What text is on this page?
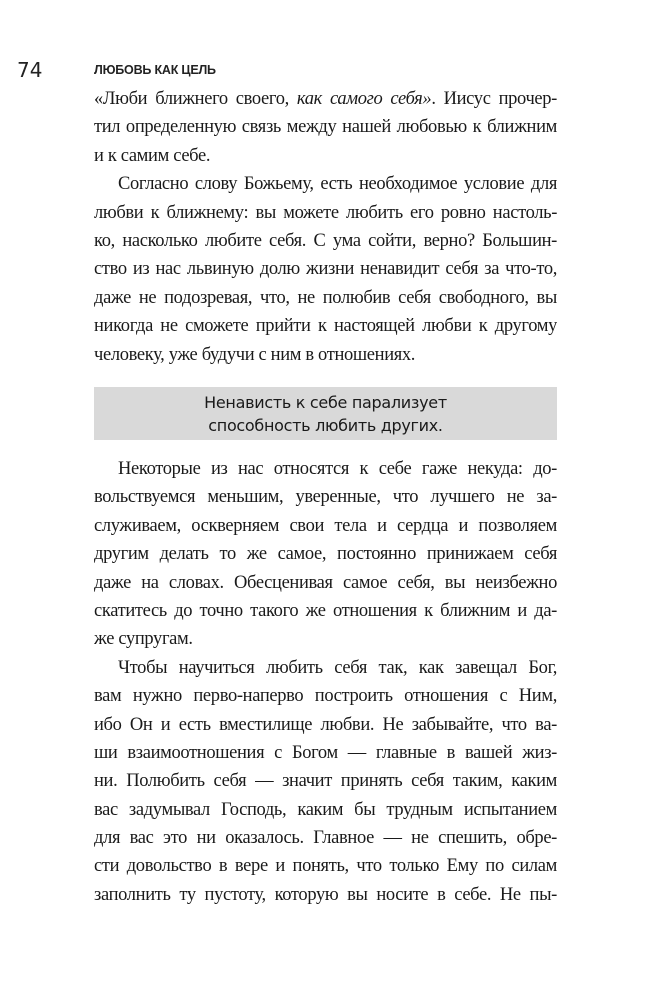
74	ЛЮБОВЬ КАК ЦЕЛЬ
«Люби ближнего своего, как самого себя». Иисус прочер-
тил определенную связь между нашей любовью к ближним
и к самим себе.
Согласно слову Божьему, есть необходимое условие для
любви к ближнему: вы можете любить его ровно настоль-
ко, насколько любите себя. С ума сойти, верно? Большин-
ство из нас львиную долю жизни ненавидит себя за что-то,
даже не подозревая, что, не полюбив себя свободного, вы
никогда не сможете прийти к настоящей любви к другому
человеку, уже будучи с ним в отношениях.
Ненависть к себе парализует
способность любить других.
Некоторые из нас относятся к себе гаже некуда: до-
вольствуемся меньшим, уверенные, что лучшего не за-
служиваем, оскверняем свои тела и сердца и позволяем
другим делать то же самое, постоянно принижаем себя
даже на словах. Обесценивая самое себя, вы неизбежно
скатитесь до точно такого же отношения к ближним и да-
же супругам.
Чтобы научиться любить себя так, как завещал Бог,
вам нужно перво-наперво построить отношения с Ним,
ибо Он и есть вместилище любви. Не забывайте, что ва-
ши взаимоотношения с Богом — главные в вашей жиз-
ни. Полюбить себя — значит принять себя таким, каким
вас задумывал Господь, каким бы трудным испытанием
для вас это ни оказалось. Главное — не спешить, обре-
сти довольство в вере и понять, что только Ему по силам
заполнить ту пустоту, которую вы носите в себе. Не пы-
